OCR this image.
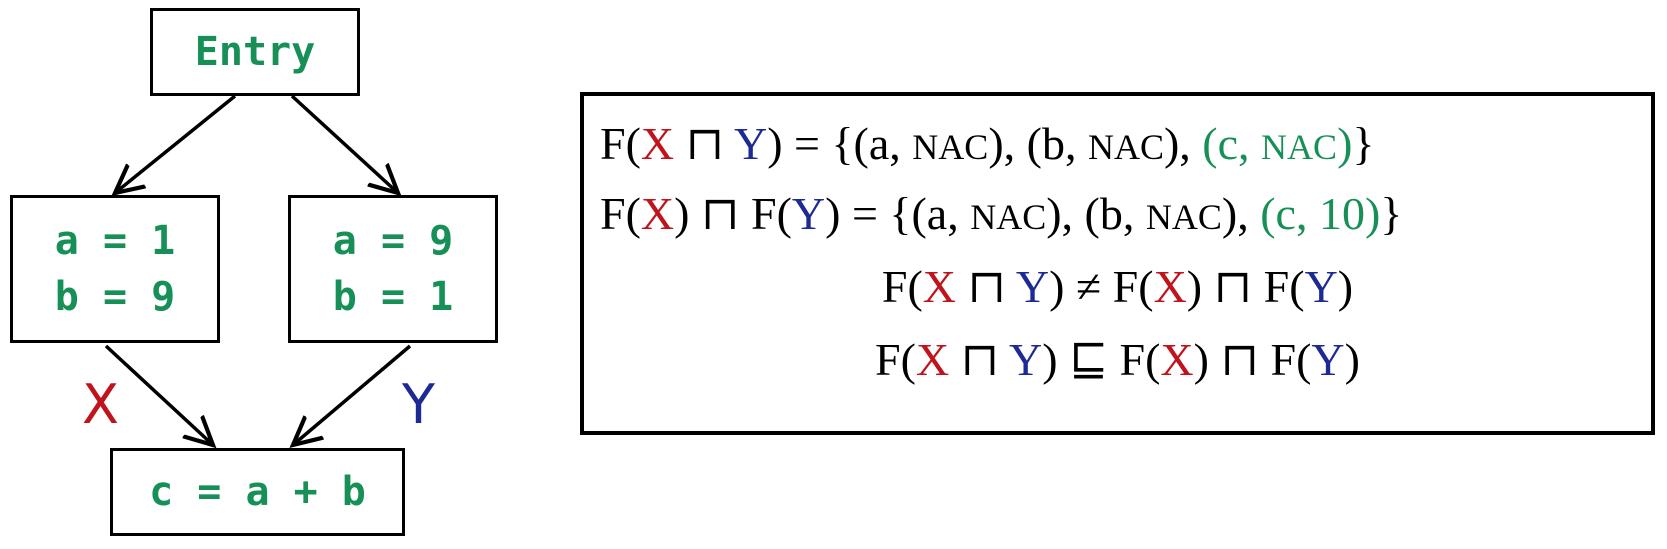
Entry
a = 1
b = 9
a = 9
b = 1
c = a + b
X	Y
F(X ⊓ Y) = {(a, NAC), (b, NAC), (c, NAC)}
F(X) ⊓ F(Y) = {(a, NAC), (b, NAC), (c, 10)}
F(X ⊓ Y) ≠ F(X) ⊓ F(Y)
F(X ⊓ Y) ⊑ F(X) ⊓ F(Y)
